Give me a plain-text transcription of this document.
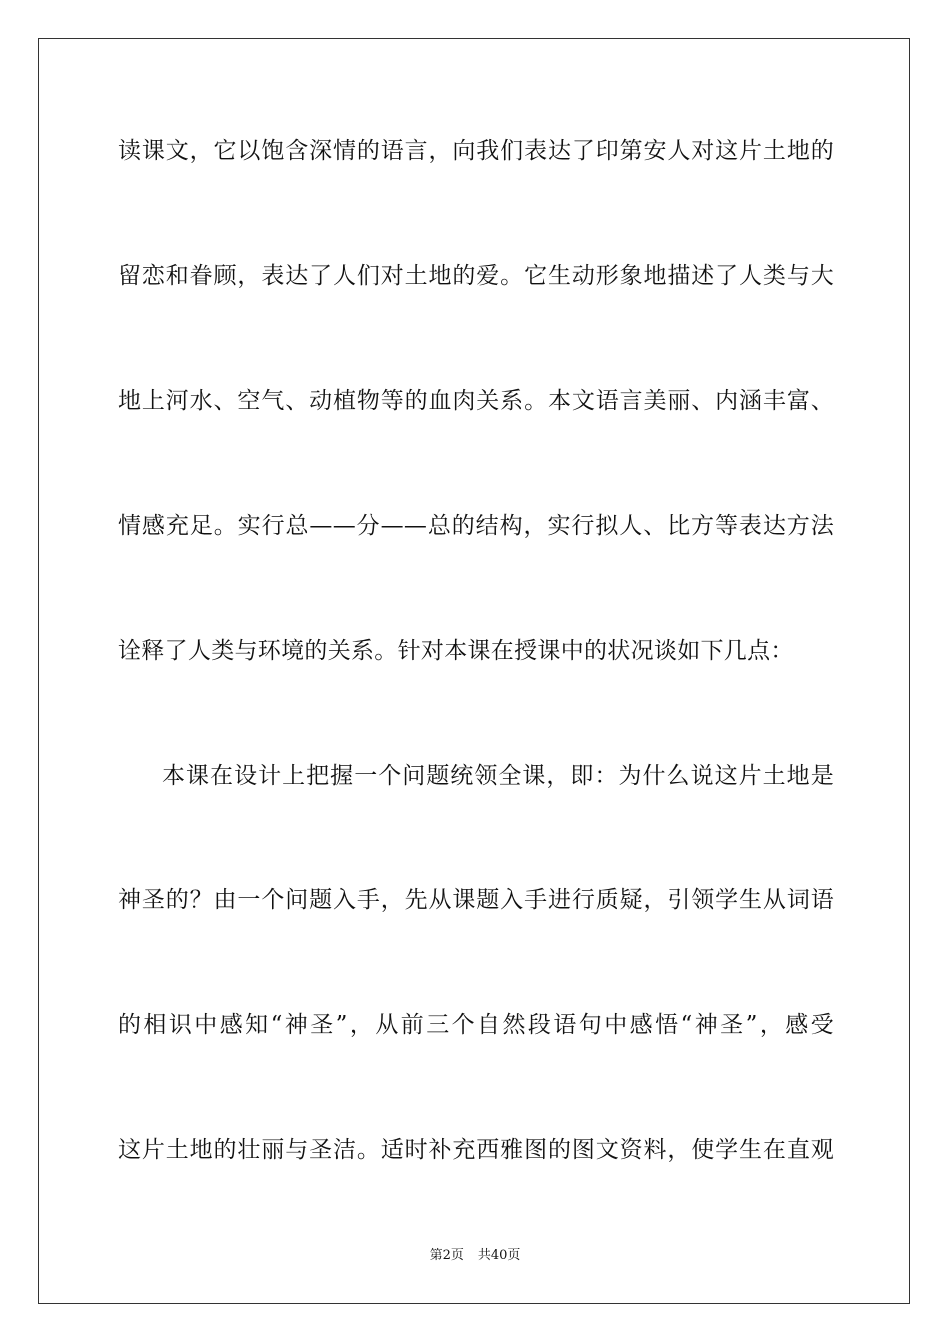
读课文，它以饱含深情的语言，向我们表达了印第安人对这片土地的
留恋和眷顾，表达了人们对土地的爱。它生动形象地描述了人类与大
地上河水、空气、动植物等的血肉关系。本文语言美丽、内涵丰富、
情感充足。实行总——分——总的结构，实行拟人、比方等表达方法
诠释了人类与环境的关系。针对本课在授课中的状况谈如下几点：
本课在设计上把握一个问题统领全课，即：为什么说这片土地是
神圣的？由一个问题入手，先从课题入手进行质疑，引领学生从词语
的相识中感知“神圣”，从前三个自然段语句中感悟“神圣”，感受
这片土地的壮丽与圣洁。适时补充西雅图的图文资料，使学生在直观
第2页 共40页
